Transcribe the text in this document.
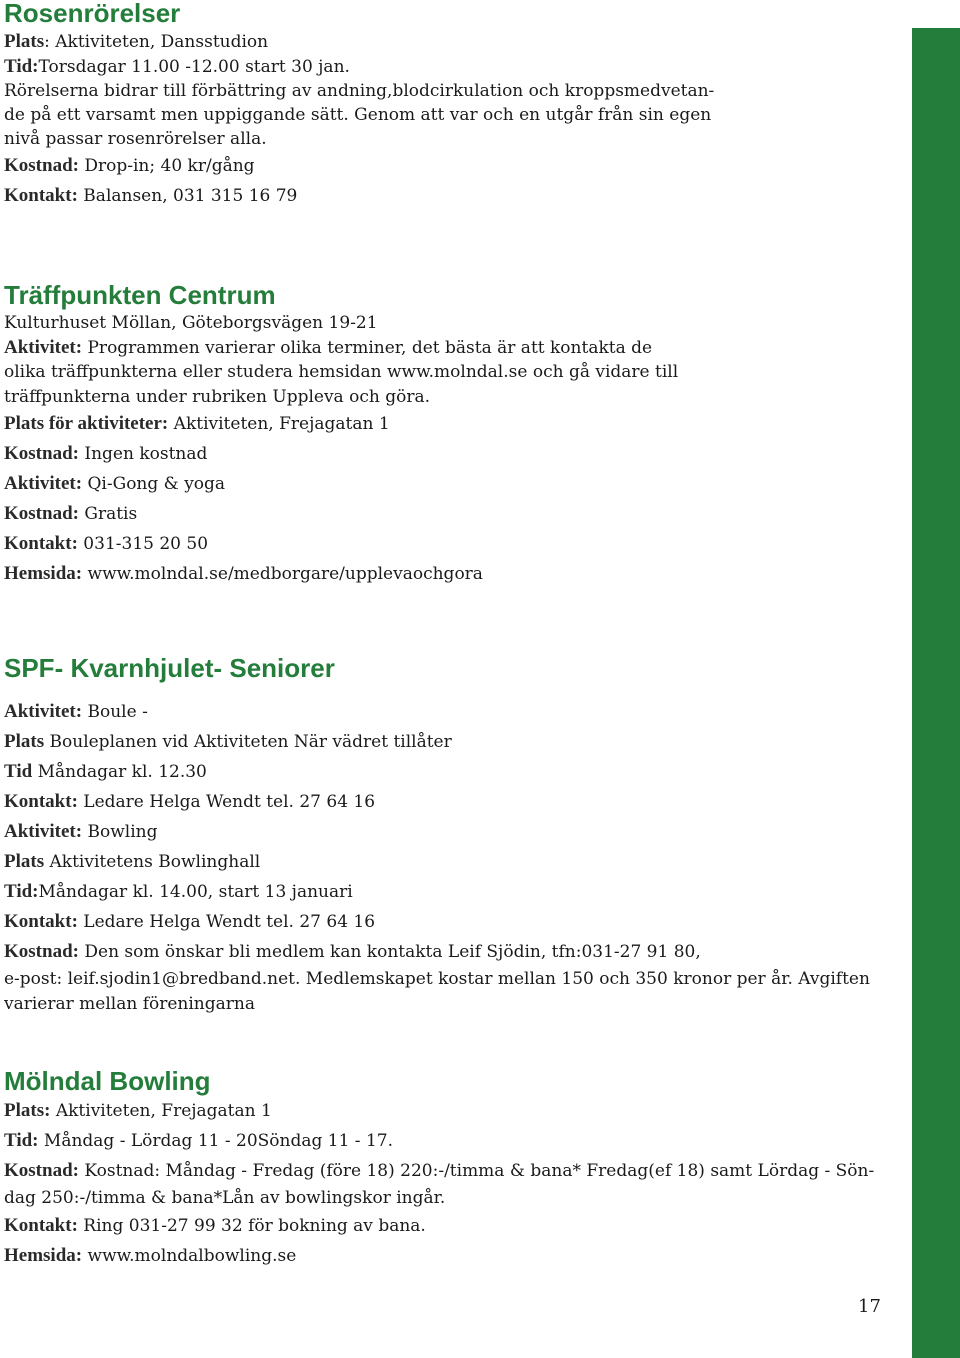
17
Rosenrörelser
Plats: Aktiviteten, Dansstudion
Tid:Torsdagar 11.00 -12.00 start 30 jan.
Rörelserna bidrar till förbättring av andning,blodcirkulation och kroppsmedvetan-
de på ett varsamt men uppiggande sätt. Genom att var och en utgår från sin egen
nivå passar rosenrörelser alla.
Kostnad: Drop-in; 40 kr/gång
Kontakt: Balansen, 031 315 16 79
Träffpunkten Centrum
Kulturhuset Möllan, Göteborgsvägen 19-21
Aktivitet: Programmen varierar olika terminer, det bästa är att kontakta de
olika träffpunkterna eller studera hemsidan www.molndal.se och gå vidare till
träffpunkterna under rubriken Uppleva och göra.
Plats för aktiviteter: Aktiviteten, Frejagatan 1
Kostnad: Ingen kostnad
Aktivitet: Qi-Gong & yoga
Kostnad: Gratis
Kontakt: 031-315 20 50
Hemsida: www.molndal.se/medborgare/upplevaochgora
SPF- Kvarnhjulet- Seniorer
Aktivitet: Boule -
Plats Bouleplanen vid Aktiviteten När vädret tillåter
Tid Måndagar kl. 12.30
Kontakt: Ledare Helga Wendt tel. 27 64 16
Aktivitet: Bowling
Plats Aktivitetens Bowlinghall
Tid:Måndagar kl. 14.00, start 13 januari
Kontakt: Ledare Helga Wendt tel. 27 64 16
Kostnad: Den som önskar bli medlem kan kontakta Leif Sjödin, tfn:031-27 91 80,
e-post: leif.sjodin1@bredband.net. Medlemskapet kostar mellan 150 och 350 kronor per år. Avgiften
varierar mellan föreningarna
Mölndal Bowling
Plats: Aktiviteten, Frejagatan 1
Tid: Måndag - Lördag 11 - 20Söndag 11 - 17.
Kostnad: Kostnad: Måndag - Fredag (före 18) 220:-/timma & bana* Fredag(ef 18) samt Lördag - Sön-
dag 250:-/timma & bana*Lån av bowlingskor ingår.
Kontakt: Ring 031-27 99 32 för bokning av bana.
Hemsida: www.molndalbowling.se
